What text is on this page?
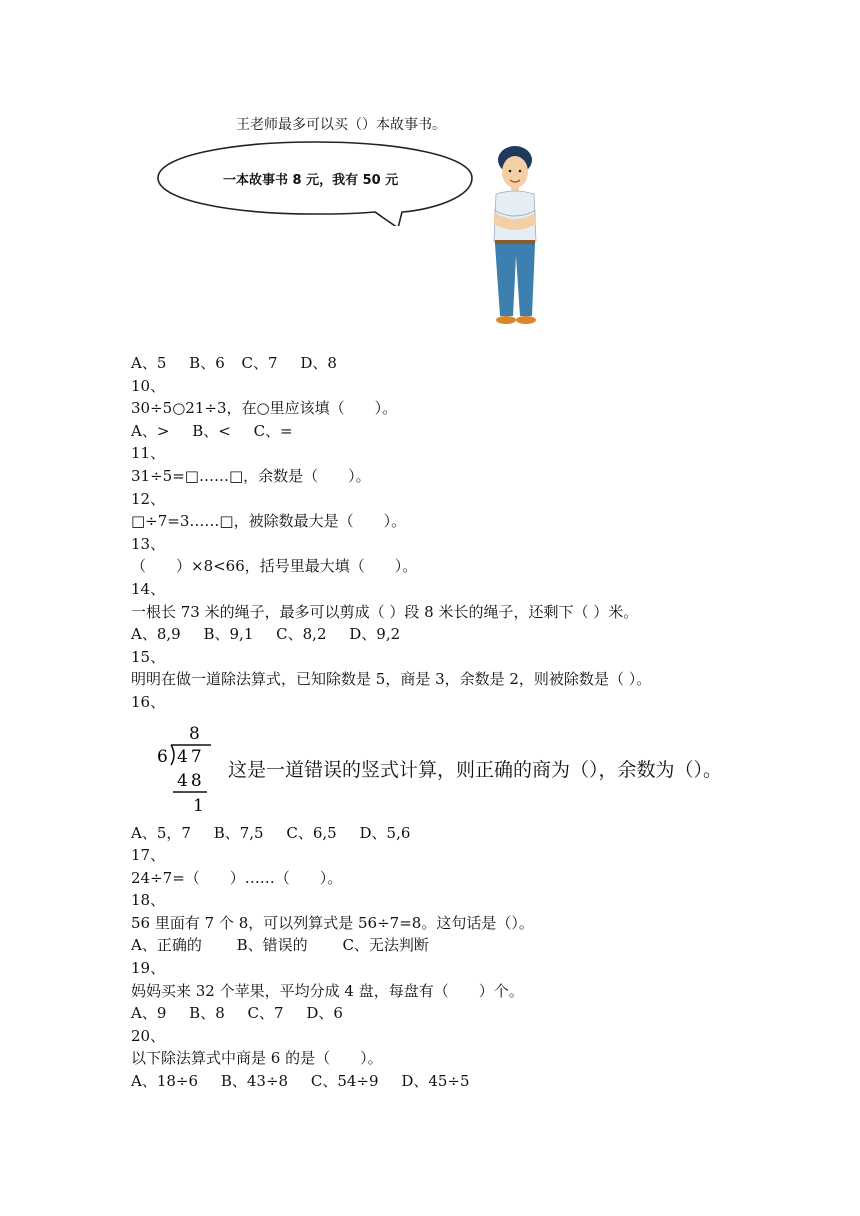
王老师最多可以买（）本故事书。
一本故事书 8 元，我有 50 元
A、5 B、6 C、7 D、8
10、
30÷5○21÷3，在○里应该填（　　）。
A、> B、< C、=
11、
31÷5=□……□，余数是（　　）。
12、
□÷7=3……□，被除数最大是（　　）。
13、
（　　）×8<66，括号里最大填（　　）。
14、
一根长 73 米的绳子，最多可以剪成（ ）段 8 米长的绳子，还剩下（ ）米。
A、8,9 B、9,1 C、8,2 D、9,2
15、
明明在做一道除法算式，已知除数是 5，商是 3，余数是 2，则被除数是（ ）。
16、
8
6 47
48
1
这是一道错误的竖式计算，则正确的商为（），余数为（）。
A、5，7 B、7,5 C、6,5 D、5,6
17、
24÷7=（　　）……（　　）。
18、
56 里面有 7 个 8，可以列算式是 56÷7=8。这句话是（）。
A、正确的 B、错误的 C、无法判断
19、
妈妈买来 32 个苹果，平均分成 4 盘，每盘有（　　）个。
A、9 B、8 C、7 D、6
20、
以下除法算式中商是 6 的是（　　）。
A、18÷6 B、43÷8 C、54÷9 D、45÷5
